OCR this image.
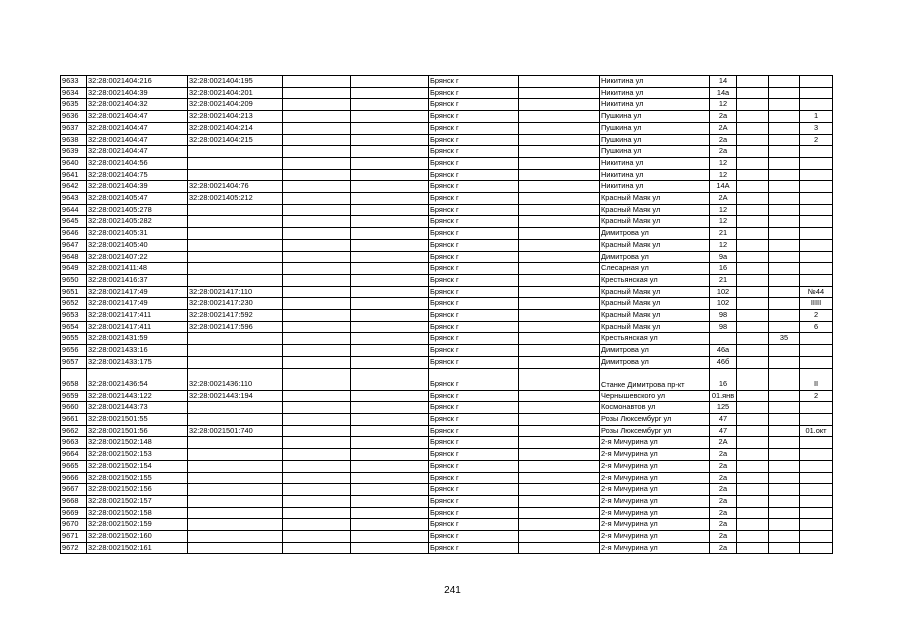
9633	32:28:0021404:216	32:28:0021404:195			Брянск г		Никитина ул	14			
9634	32:28:0021404:39	32:28:0021404:201			Брянск г		Никитина ул	14а			
9635	32:28:0021404:32	32:28:0021404:209			Брянск г		Никитина ул	12			
9636	32:28:0021404:47	32:28:0021404:213			Брянск г		Пушкина ул	2а			1
9637	32:28:0021404:47	32:28:0021404:214			Брянск г		Пушкина ул	2А			3
9638	32:28:0021404:47	32:28:0021404:215			Брянск г		Пушкина ул	2а			2
9639	32:28:0021404:47				Брянск г		Пушкина ул	2а			
9640	32:28:0021404:56				Брянск г		Никитина ул	12			
9641	32:28:0021404:75				Брянск г		Никитина ул	12			
9642	32:28:0021404:39	32:28:0021404:76			Брянск г		Никитина ул	14А			
9643	32:28:0021405:47	32:28:0021405:212			Брянск г		Красный Маяк ул	2А			
9644	32:28:0021405:278				Брянск г		Красный Маяк ул	12			
9645	32:28:0021405:282				Брянск г		Красный Маяк ул	12			
9646	32:28:0021405:31				Брянск г		Димитрова ул	21			
9647	32:28:0021405:40				Брянск г		Красный Маяк ул	12			
9648	32:28:0021407:22				Брянск г		Димитрова ул	9а			
9649	32:28:0021411:48				Брянск г		Слесарная ул	16			
9650	32:28:0021416:37				Брянск г		Крестьянская ул	21			
9651	32:28:0021417:49	32:28:0021417:110			Брянск г		Красный Маяк ул	102			№44
9652	32:28:0021417:49	32:28:0021417:230			Брянск г		Красный Маяк ул	102			IIIII
9653	32:28:0021417:411	32:28:0021417:592			Брянск г		Красный Маяк ул	98			2
9654	32:28:0021417:411	32:28:0021417:596			Брянск г		Красный Маяк ул	98			6
9655	32:28:0021431:59				Брянск г		Крестьянская ул			35	
9656	32:28:0021433:16				Брянск г		Димитрова ул	46а			
9657	32:28:0021433:175				Брянск г		Димитрова ул	46б			
9658	32:28:0021436:54	32:28:0021436:110			Брянск г		Станке Димитрова пр-кт	16			II
9659	32:28:0021443:122	32:28:0021443:194			Брянск г		Чернышевского ул	01.янв			2
9660	32:28:0021443:73				Брянск г		Космонавтов ул	125			
9661	32:28:0021501:55				Брянск г		Розы Люксембург ул	47			
9662	32:28:0021501:56	32:28:0021501:740			Брянск г		Розы Люксембург ул	47			01.окт
9663	32:28:0021502:148				Брянск г		2-я Мичурина ул	2А			
9664	32:28:0021502:153				Брянск г		2-я Мичурина ул	2а			
9665	32:28:0021502:154				Брянск г		2-я Мичурина ул	2а			
9666	32:28:0021502:155				Брянск г		2-я Мичурина ул	2а			
9667	32:28:0021502:156				Брянск г		2-я Мичурина ул	2а			
9668	32:28:0021502:157				Брянск г		2-я Мичурина ул	2а			
9669	32:28:0021502:158				Брянск г		2-я Мичурина ул	2а			
9670	32:28:0021502:159				Брянск г		2-я Мичурина ул	2а			
9671	32:28:0021502:160				Брянск г		2-я Мичурина ул	2а			
9672	32:28:0021502:161				Брянск г		2-я Мичурина ул	2а			
241
